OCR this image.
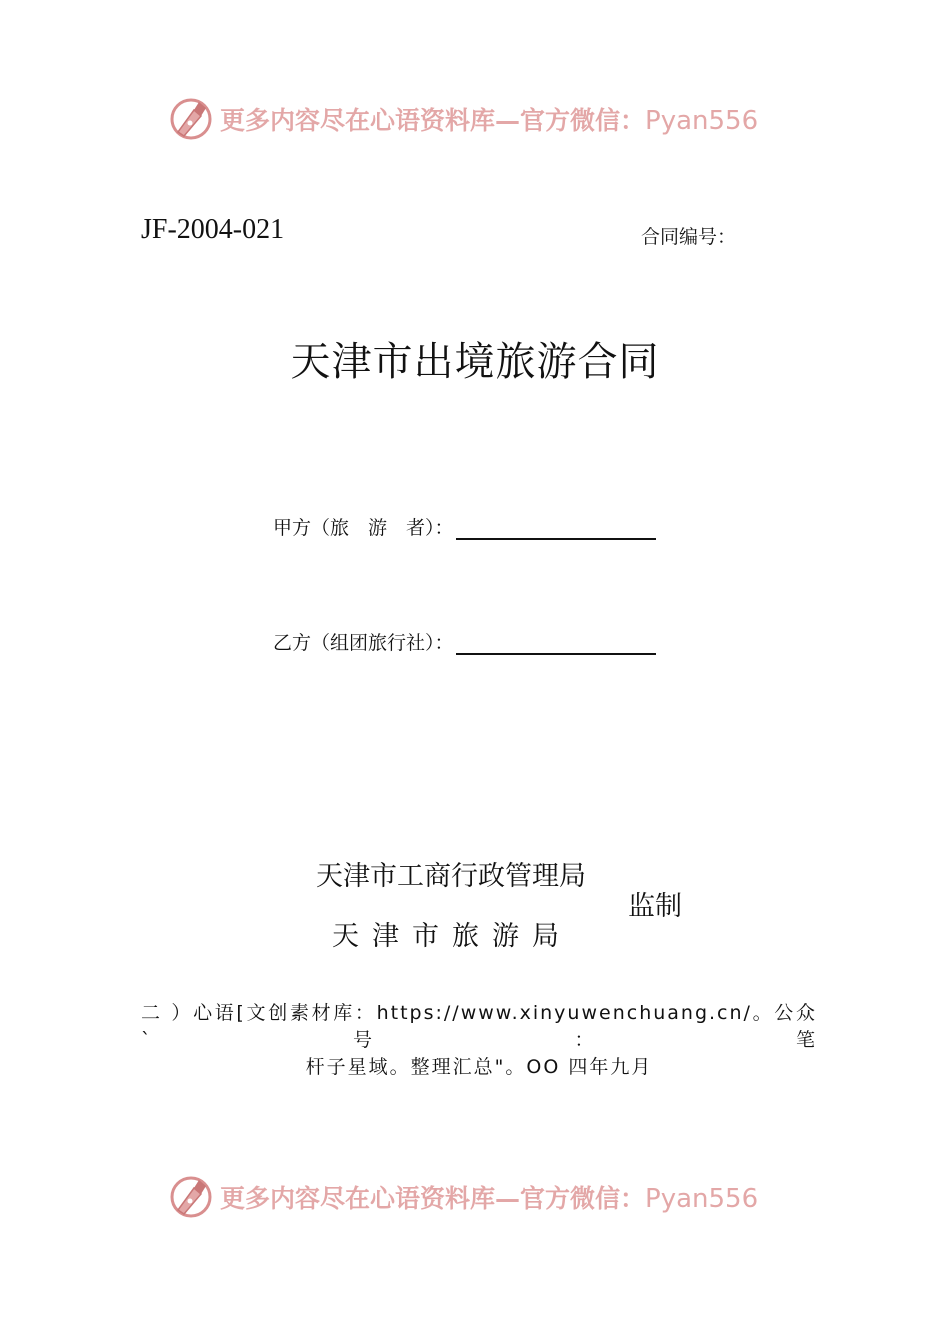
更多内容尽在心语资料库—官方微信：Pyan556
JF-2004-021	合同编号：
天津市出境旅游合同
甲方（旅　游　者）：
乙方（组团旅行社）：
天津市工商行政管理局
天津市旅游局
监制
二 ）心语[文创素材库：https://www.xinyuwenchuang.cn/。公众`号：笔
杆子星域。整理汇总"。OO 四年九月
更多内容尽在心语资料库—官方微信：Pyan556
